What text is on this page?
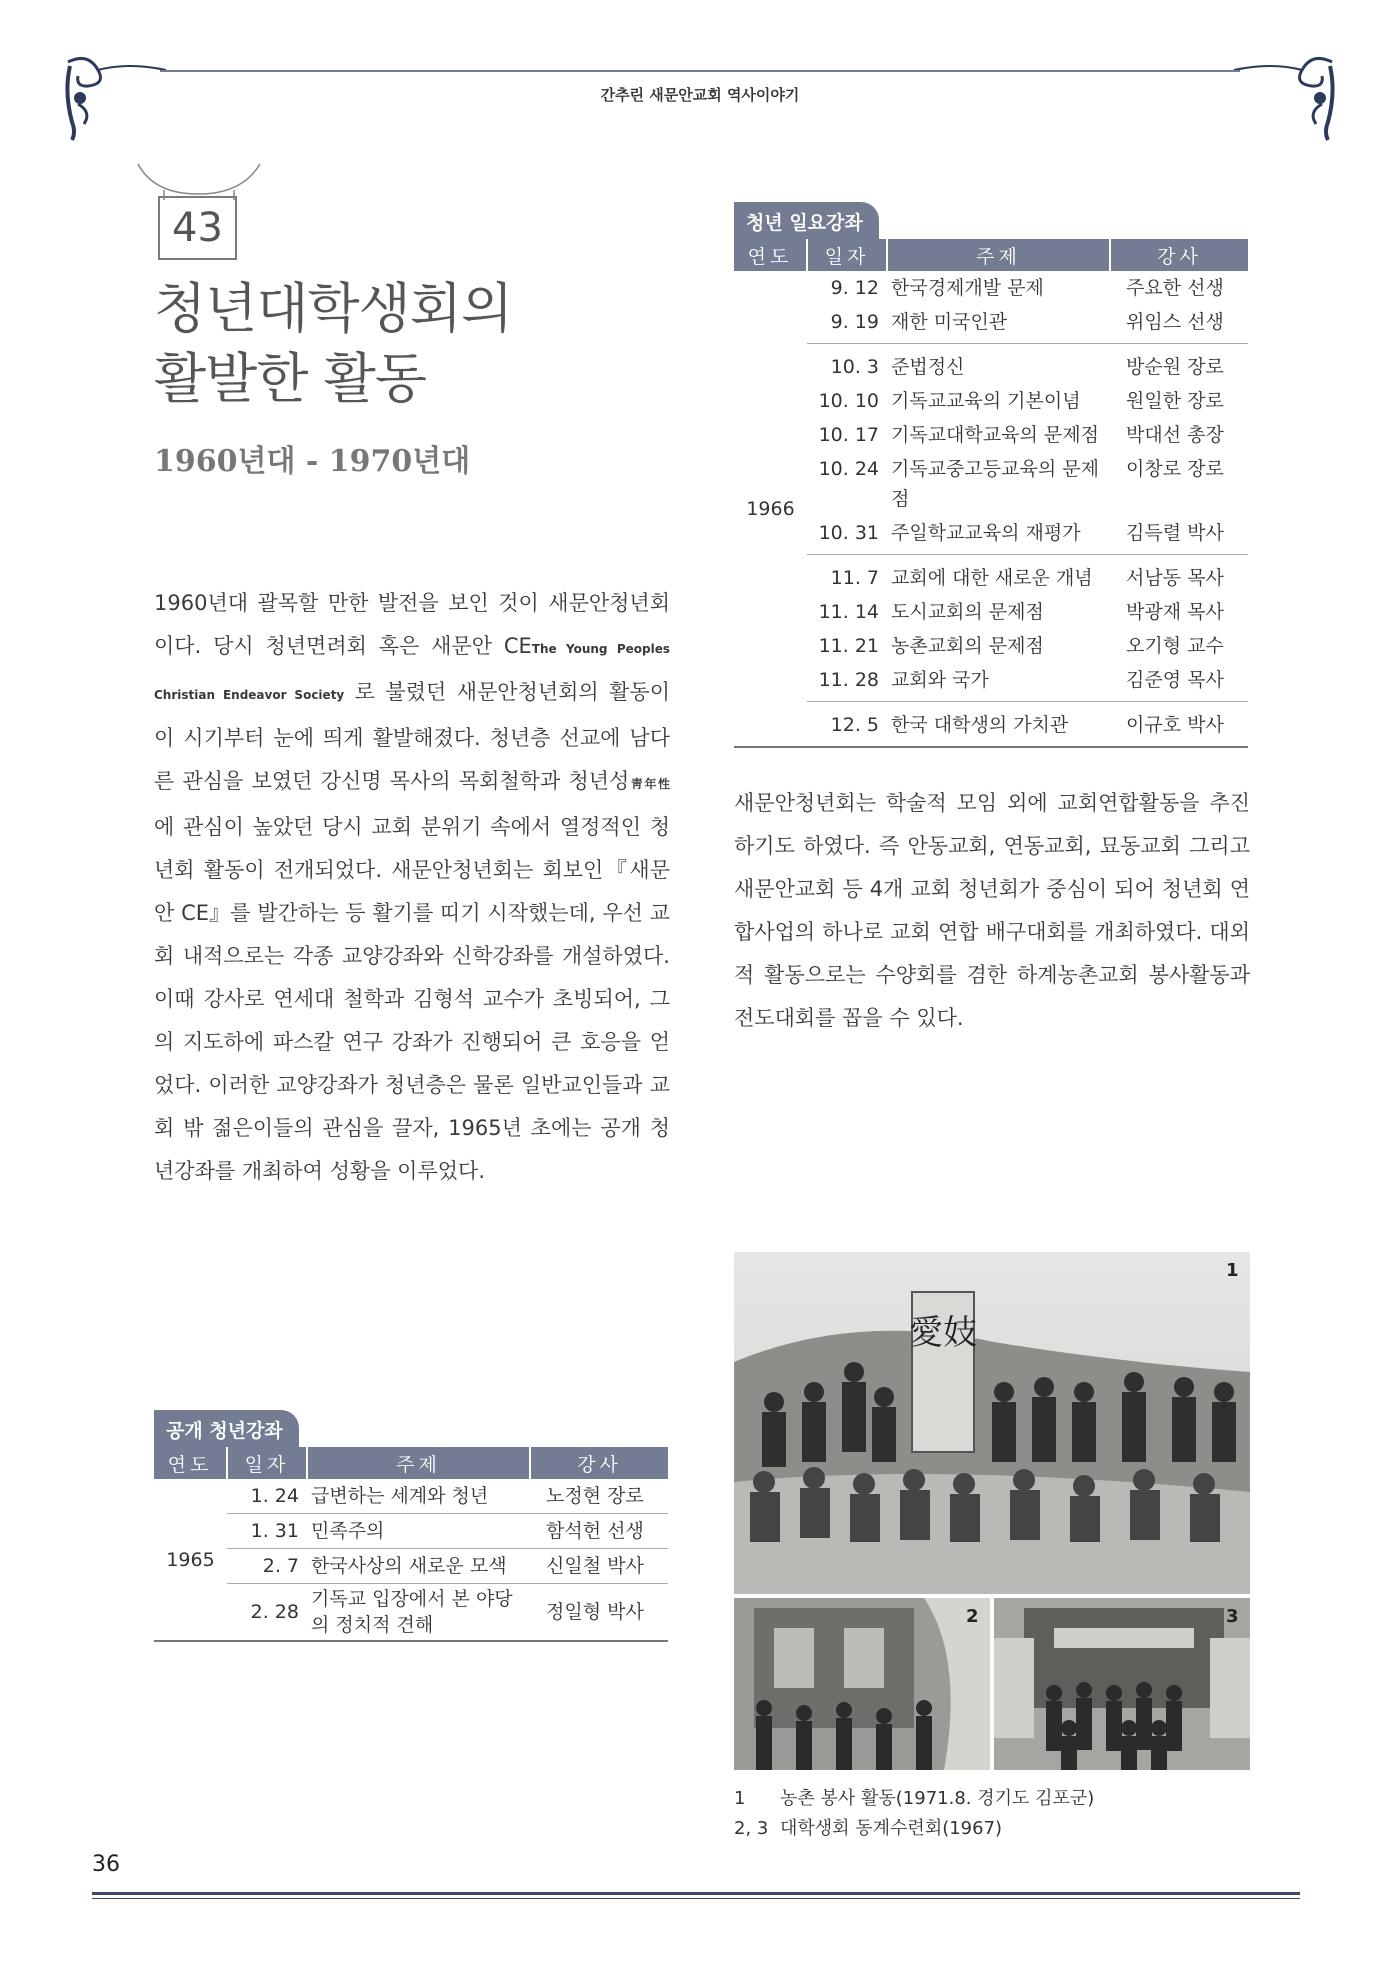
간추린 새문안교회 역사이야기
43
청년대학생회의
활발한 활동
1960년대 - 1970년대
1960년대 괄목할 만한 발전을 보인 것이 새문안청년회이다. 당시 청년면려회 혹은 새문안 CEThe Young Peoples Christian Endeavor Society 로 불렸던 새문안청년회의 활동이 이 시기부터 눈에 띄게 활발해졌다. 청년층 선교에 남다른 관심을 보였던 강신명 목사의 목회철학과 청년성靑年性에 관심이 높았던 당시 교회 분위기 속에서 열정적인 청년회 활동이 전개되었다. 새문안청년회는 회보인『새문안 CE』를 발간하는 등 활기를 띠기 시작했는데, 우선 교회 내적으로는 각종 교양강좌와 신학강좌를 개설하였다. 이때 강사로 연세대 철학과 김형석 교수가 초빙되어, 그의 지도하에 파스칼 연구 강좌가 진행되어 큰 호응을 얻었다. 이러한 교양강좌가 청년층은 물론 일반교인들과 교회 밖 젊은이들의 관심을 끌자, 1965년 초에는 공개 청년강좌를 개최하여 성황을 이루었다.
새문안청년회는 학술적 모임 외에 교회연합활동을 추진하기도 하였다. 즉 안동교회, 연동교회, 묘동교회 그리고 새문안교회 등 4개 교회 청년회가 중심이 되어 청년회 연합사업의 하나로 교회 연합 배구대회를 개최하였다. 대외적 활동으로는 수양회를 겸한 하계농촌교회 봉사활동과 전도대회를 꼽을 수 있다.
청년 일요강좌
연도	일자	주제	강사
1966	9. 12	한국경제개발 문제	주요한 선생
	9. 19	재한 미국인관	위임스 선생
	10. 3	준법정신	방순원 장로
	10. 10	기독교교육의 기본이념	원일한 장로
	10. 17	기독교대학교육의 문제점	박대선 총장
	10. 24	기독교중고등교육의 문제점	이창로 장로
	10. 31	주일학교교육의 재평가	김득렬 박사
	11. 7	교회에 대한 새로운 개념	서남동 목사
	11. 14	도시교회의 문제점	박광재 목사
	11. 21	농촌교회의 문제점	오기형 교수
	11. 28	교회와 국가	김준영 목사
	12. 5	한국 대학생의 가치관	이규호 박사
공개 청년강좌
연도	일자	주제	강사
1965	1. 24	급변하는 세계와 청년	노정현 장로
	1. 31	민족주의	함석헌 선생
	2. 7	한국사상의 새로운 모색	신일철 박사
	2. 28	기독교 입장에서 본 야당의 정치적 견해	정일형 박사
愛妓
1
2	3
1 농촌 봉사 활동(1971.8. 경기도 김포군)
2, 3 대학생회 동계수련회(1967)
36
